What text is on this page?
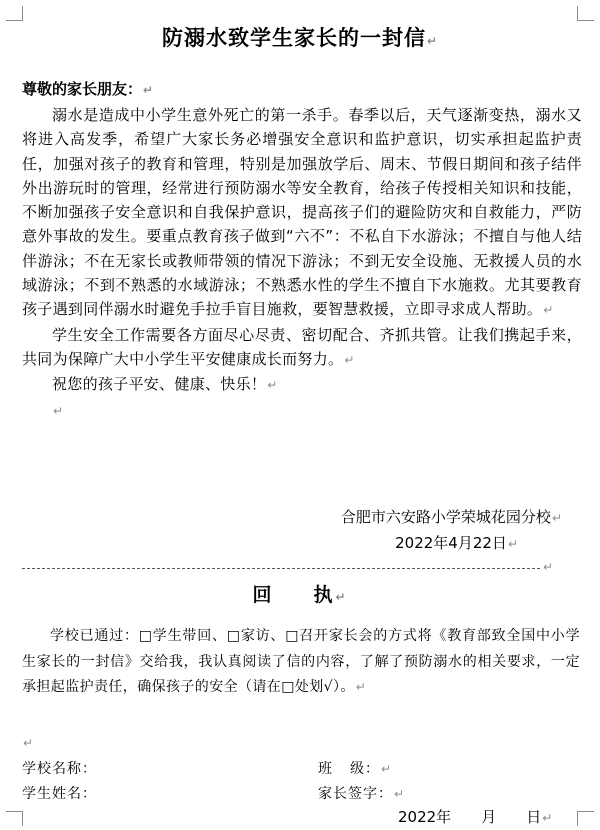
防溺水致学生家长的一封信↵
尊敬的家长朋友：↵

溺水是造成中小学生意外死亡的第一杀手。春季以后，天气逐渐变热，溺水又将进入高发季，希望广大家长务必增强安全意识和监护意识，切实承担起监护责任，加强对孩子的教育和管理，特别是加强放学后、周末、节假日期间和孩子结伴外出游玩时的管理，经常进行预防溺水等安全教育，给孩子传授相关知识和技能，不断加强孩子安全意识和自我保护意识，提高孩子们的避险防灾和自救能力，严防意外事故的发生。要重点教育孩子做到“六不”：不私自下水游泳；不擅自与他人结伴游泳；不在无家长或教师带领的情况下游泳；不到无安全设施、无救援人员的水域游泳；不到不熟悉的水域游泳；不熟悉水性的学生不擅自下水施救。尤其要教育孩子遇到同伴溺水时避免手拉手盲目施救，要智慧救援，立即寻求成人帮助。↵

学生安全工作需要各方面尽心尽责、密切配合、齐抓共管。让我们携起手来，共同为保障广大中小学生平安健康成长而努力。↵

祝您的孩子平安、健康、快乐！↵

↵
合肥市六安路小学荣城花园分校↵
2022年4月22日↵
↵
回 执↵

学校已通过：□学生带回、□家访、□召开家长会的方式将《教育部致全国中小学生家长的一封信》交给我，我认真阅读了信的内容，了解了预防溺水的相关要求，一定承担起监护责任，确保孩子的安全（请在□处划√）。↵

↵
学校名称：	班 级：↵
学生姓名：	家长签字：↵
2022年 月 日↵
